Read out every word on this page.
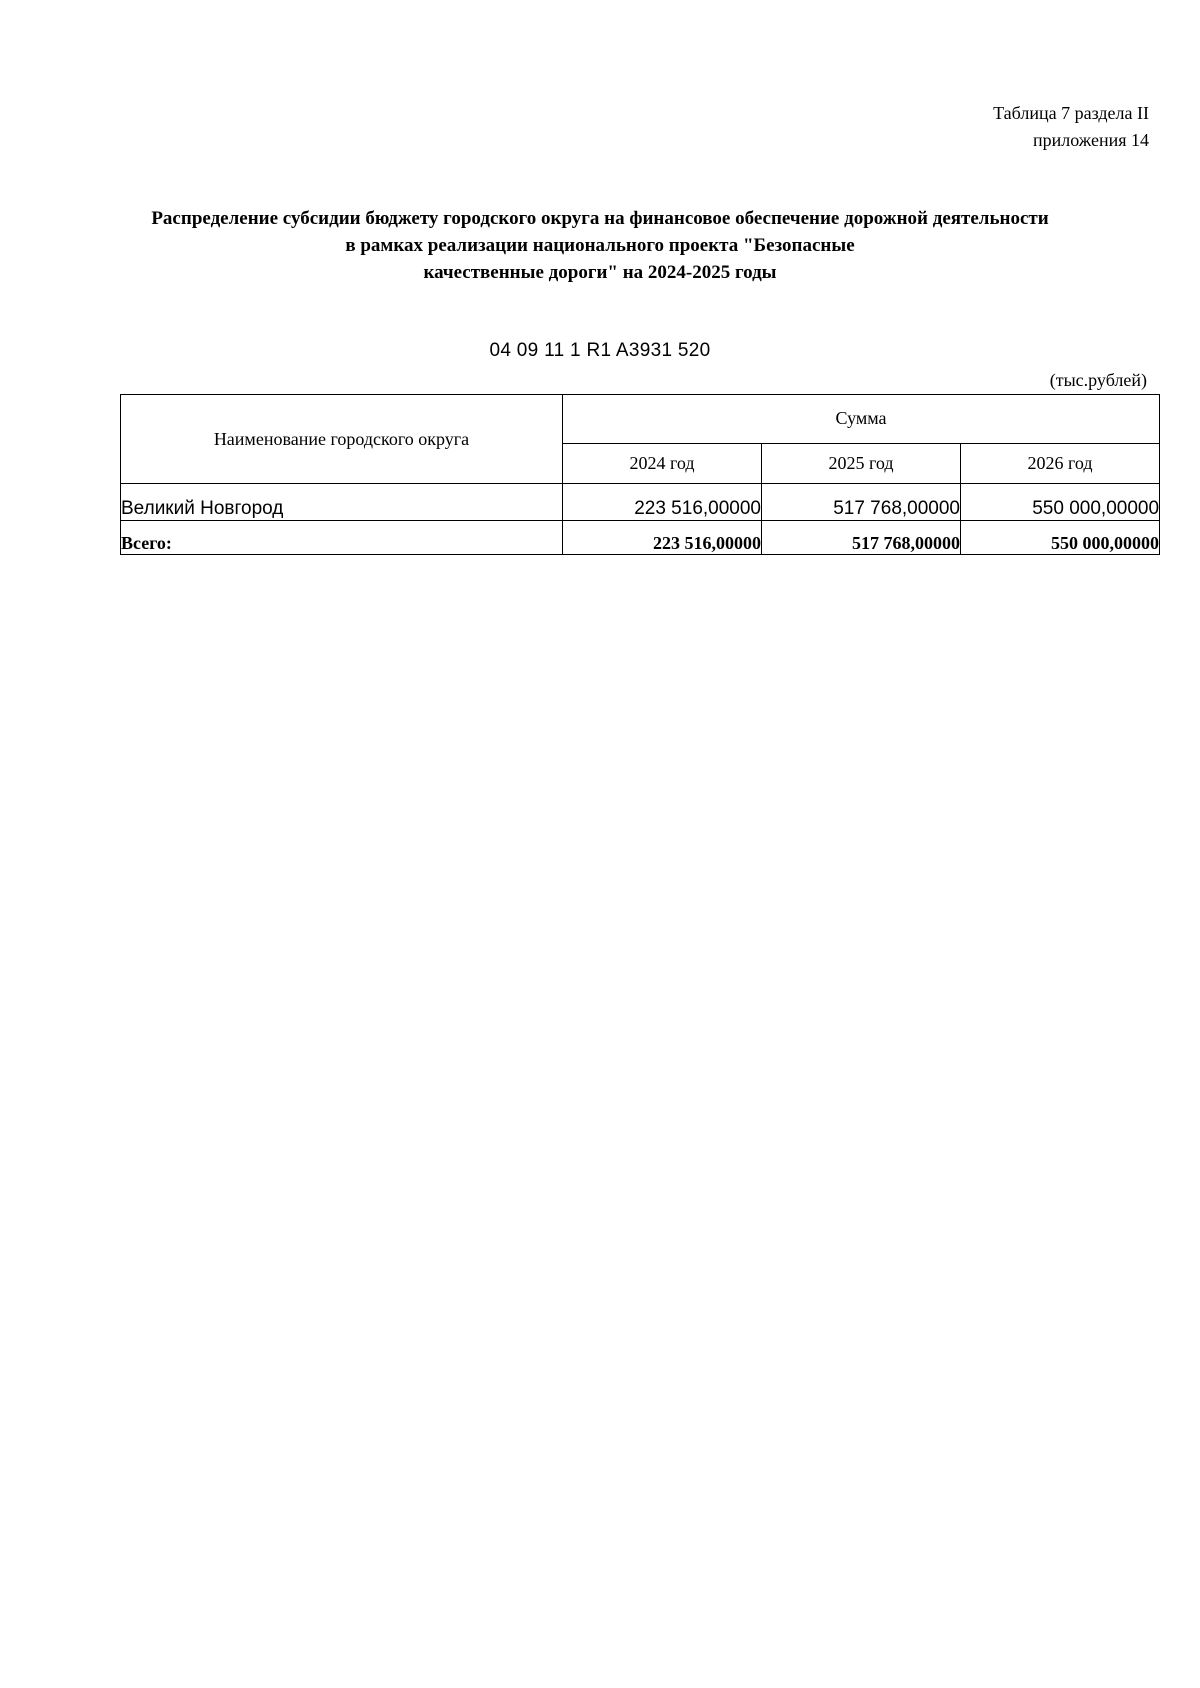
Таблица 7 раздела II
приложения 14
Распределение субсидии бюджету городского округа на финансовое обеспечение дорожной деятельности
в рамках реализации национального проекта "Безопасные
качественные дороги" на 2024-2025 годы
04 09 11 1 R1 A3931 520
(тыс.рублей)
Наименование городского округа	Сумма		
	2024 год	2025 год	2026 год
Великий Новгород	223 516,00000	517 768,00000	550 000,00000
Всего:	223 516,00000	517 768,00000	550 000,00000
